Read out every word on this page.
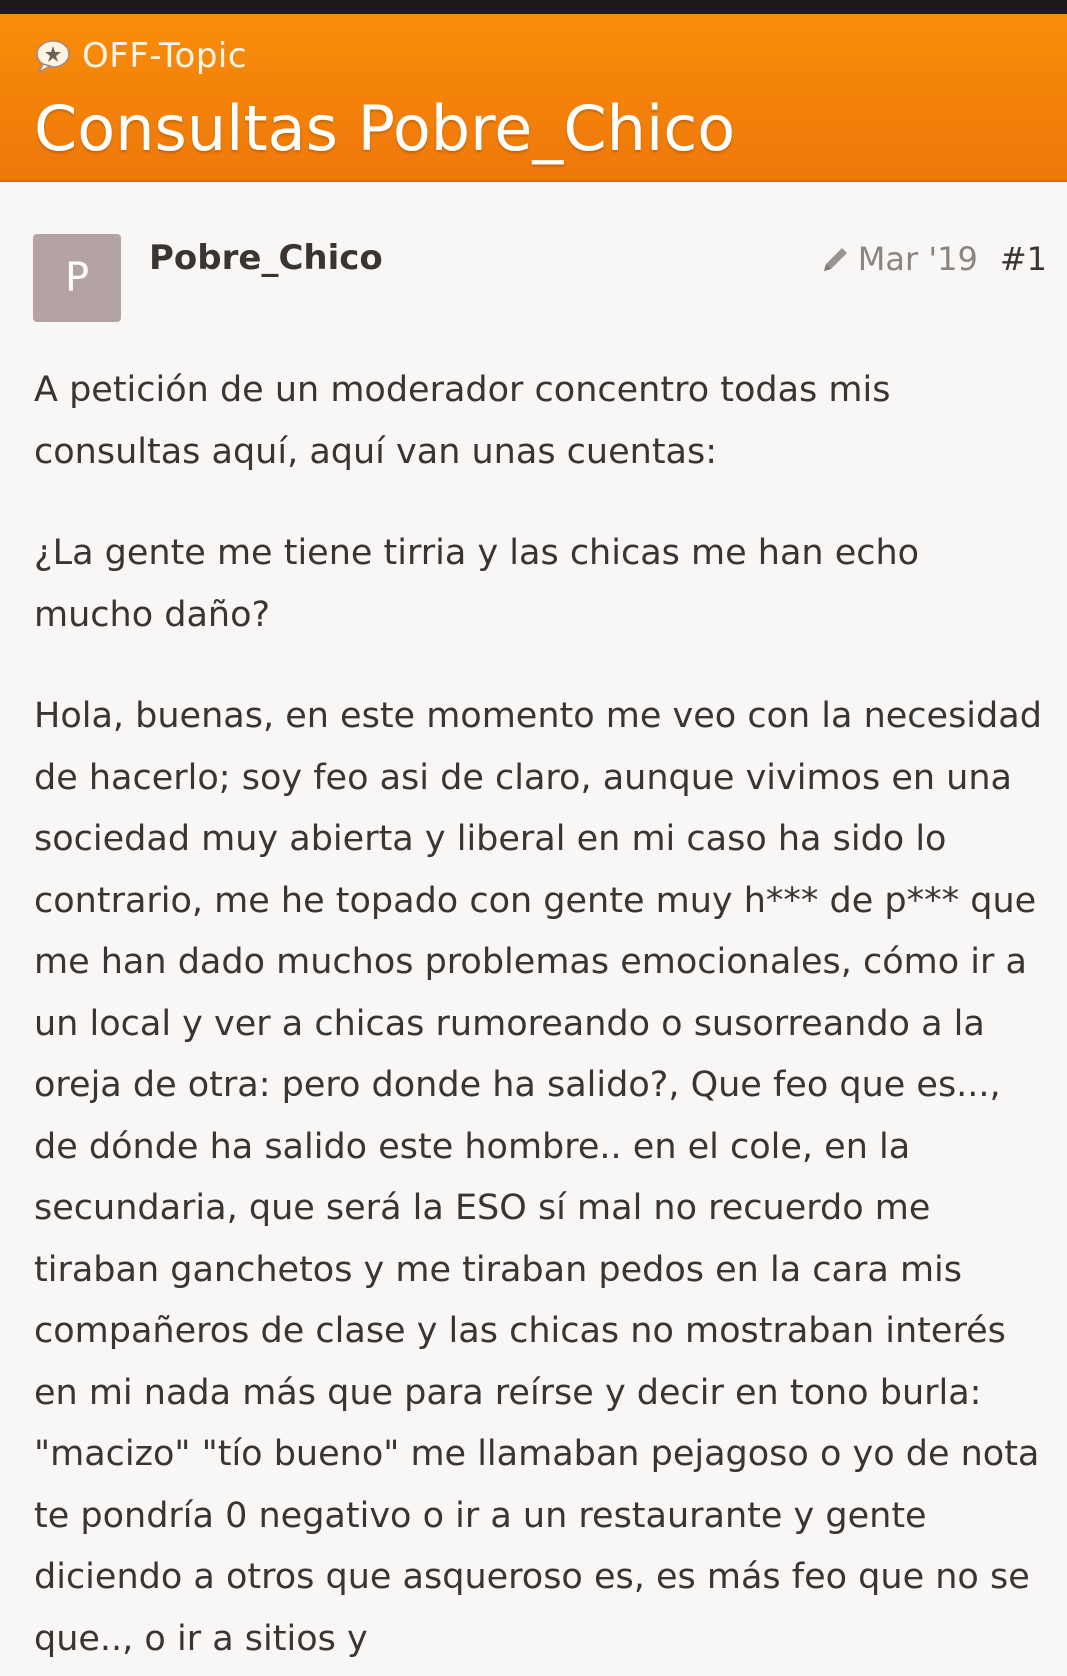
OFF-Topic
Consultas Pobre_Chico
P Pobre_Chico	Mar '19 #1

A petición de un moderador concentro todas mis consultas aquí, aquí van unas cuentas:

¿La gente me tiene tirria y las chicas me han echo mucho daño?

Hola, buenas, en este momento me veo con la necesidad de hacerlo; soy feo asi de claro, aunque vivimos en una sociedad muy abierta y liberal en mi caso ha sido lo contrario, me he topado con gente muy h*** de p*** que me han dado muchos problemas emocionales, cómo ir a un local y ver a chicas rumoreando o susorreando a la oreja de otra: pero donde ha salido?, Que feo que es..., de dónde ha salido este hombre.. en el cole, en la secundaria, que será la ESO sí mal no recuerdo me tiraban ganchetos y me tiraban pedos en la cara mis compañeros de clase y las chicas no mostraban interés en mi nada más que para reírse y decir en tono burla: "macizo" "tío bueno" me llamaban pejagoso o yo de nota te pondría 0 negativo o ir a un restaurante y gente diciendo a otros que asqueroso es, es más feo que no se que.., o ir a sitios y
